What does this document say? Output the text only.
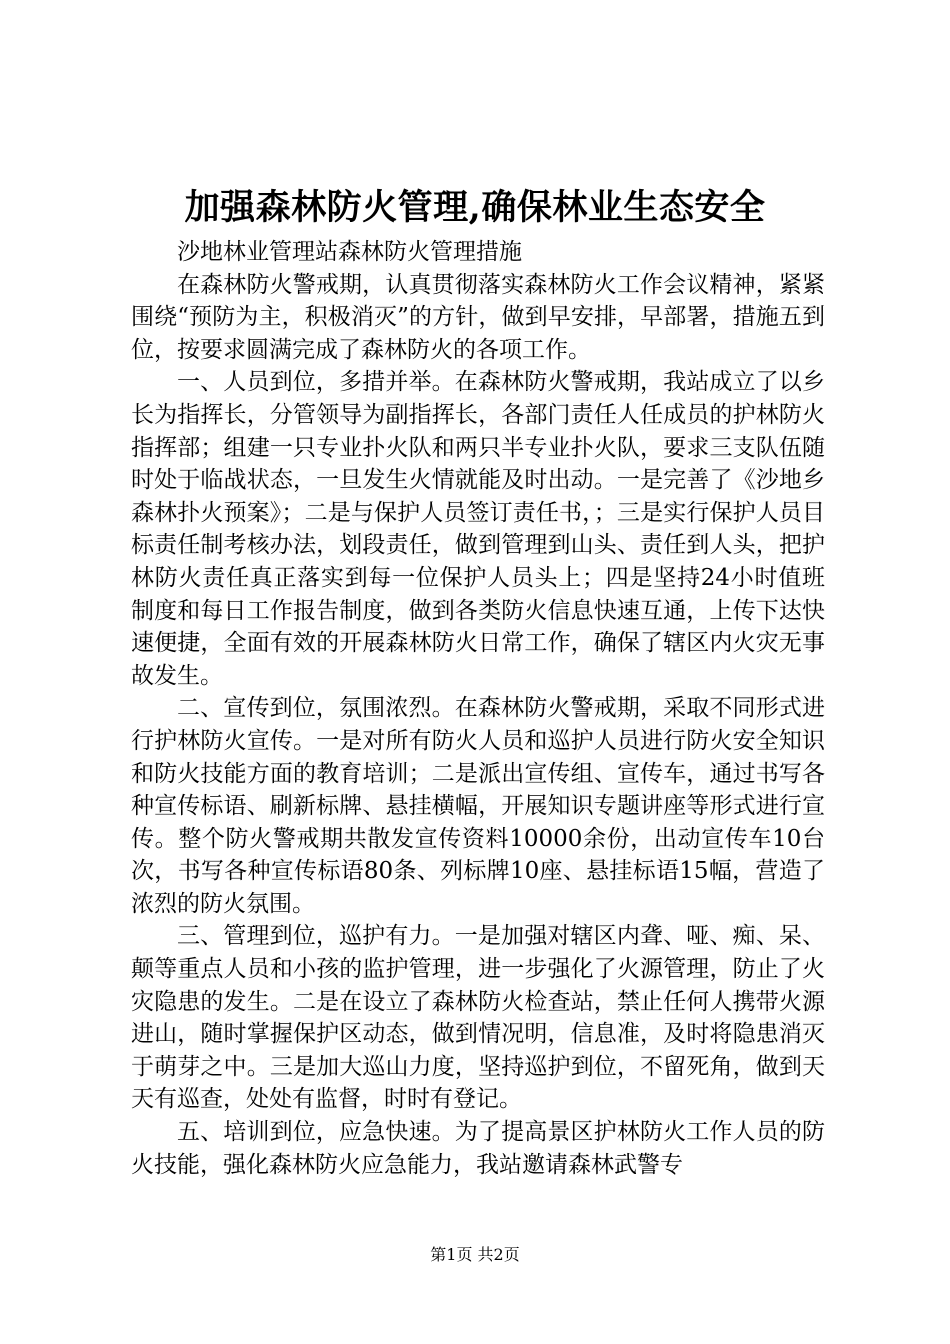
加强森林防火管理,确保林业生态安全

沙地林业管理站森林防火管理措施

在森林防火警戒期，认真贯彻落实森林防火工作会议精神，紧紧围绕“预防为主，积极消灭”的方针，做到早安排，早部署，措施五到位，按要求圆满完成了森林防火的各项工作。

一、人员到位，多措并举。在森林防火警戒期，我站成立了以乡长为指挥长，分管领导为副指挥长，各部门责任人任成员的护林防火指挥部；组建一只专业扑火队和两只半专业扑火队，要求三支队伍随时处于临战状态，一旦发生火情就能及时出动。一是完善了《沙地乡森林扑火预案》；二是与保护人员签订责任书，；三是实行保护人员目标责任制考核办法，划段责任，做到管理到山头、责任到人头，把护林防火责任真正落实到每一位保护人员头上；四是坚持24小时值班制度和每日工作报告制度，做到各类防火信息快速互通，上传下达快速便捷，全面有效的开展森林防火日常工作，确保了辖区内火灾无事故发生。

二、宣传到位，氛围浓烈。在森林防火警戒期，采取不同形式进行护林防火宣传。一是对所有防火人员和巡护人员进行防火安全知识和防火技能方面的教育培训；二是派出宣传组、宣传车，通过书写各种宣传标语、刷新标牌、悬挂横幅，开展知识专题讲座等形式进行宣传。整个防火警戒期共散发宣传资料10000余份，出动宣传车10台次，书写各种宣传标语80条、列标牌10座、悬挂标语15幅，营造了浓烈的防火氛围。

三、管理到位，巡护有力。一是加强对辖区内聋、哑、痴、呆、颠等重点人员和小孩的监护管理，进一步强化了火源管理，防止了火灾隐患的发生。二是在设立了森林防火检查站，禁止任何人携带火源进山，随时掌握保护区动态，做到情况明，信息准，及时将隐患消灭于萌芽之中。三是加大巡山力度，坚持巡护到位，不留死角，做到天天有巡查，处处有监督，时时有登记。

五、培训到位，应急快速。为了提高景区护林防火工作人员的防火技能，强化森林防火应急能力，我站邀请森林武警专

第1页 共2页
